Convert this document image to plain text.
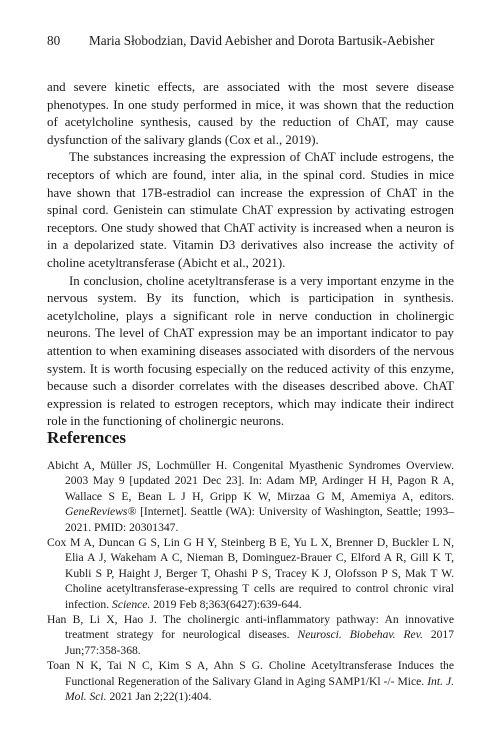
80 Maria Słobodzian, David Aebisher and Dorota Bartusik-Aebisher

and severe kinetic effects, are associated with the most severe disease phenotypes. In one study performed in mice, it was shown that the reduction of acetylcholine synthesis, caused by the reduction of ChAT, may cause dysfunction of the salivary glands (Cox et al., 2019).

The substances increasing the expression of ChAT include estrogens, the receptors of which are found, inter alia, in the spinal cord. Studies in mice have shown that 17B-estradiol can increase the expression of ChAT in the spinal cord. Genistein can stimulate ChAT expression by activating estrogen receptors. One study showed that ChAT activity is increased when a neuron is in a depolarized state. Vitamin D3 derivatives also increase the activity of choline acetyltransferase (Abicht et al., 2021).

In conclusion, choline acetyltransferase is a very important enzyme in the nervous system. By its function, which is participation in synthesis. acetylcholine, plays a significant role in nerve conduction in cholinergic neurons. The level of ChAT expression may be an important indicator to pay attention to when examining diseases associated with disorders of the nervous system. It is worth focusing especially on the reduced activity of this enzyme, because such a disorder correlates with the diseases described above. ChAT expression is related to estrogen receptors, which may indicate their indirect role in the functioning of cholinergic neurons.

References

Abicht A, Müller JS, Lochmüller H. Congenital Myasthenic Syndromes Overview. 2003 May 9 [updated 2021 Dec 23]. In: Adam MP, Ardinger H H, Pagon R A, Wallace S E, Bean L J H, Gripp K W, Mirzaa G M, Amemiya A, editors. GeneReviews® [Internet]. Seattle (WA): University of Washington, Seattle; 1993–2021. PMID: 20301347.

Cox M A, Duncan G S, Lin G H Y, Steinberg B E, Yu L X, Brenner D, Buckler L N, Elia A J, Wakeham A C, Nieman B, Dominguez-Brauer C, Elford A R, Gill K T, Kubli S P, Haight J, Berger T, Ohashi P S, Tracey K J, Olofsson P S, Mak T W. Choline acetyltransferase-expressing T cells are required to control chronic viral infection. Science. 2019 Feb 8;363(6427):639-644.

Han B, Li X, Hao J. The cholinergic anti-inflammatory pathway: An innovative treatment strategy for neurological diseases. Neurosci. Biobehav. Rev. 2017 Jun;77:358-368.

Toan N K, Tai N C, Kim S A, Ahn S G. Choline Acetyltransferase Induces the Functional Regeneration of the Salivary Gland in Aging SAMP1/Kl -/- Mice. Int. J. Mol. Sci. 2021 Jan 2;22(1):404.
